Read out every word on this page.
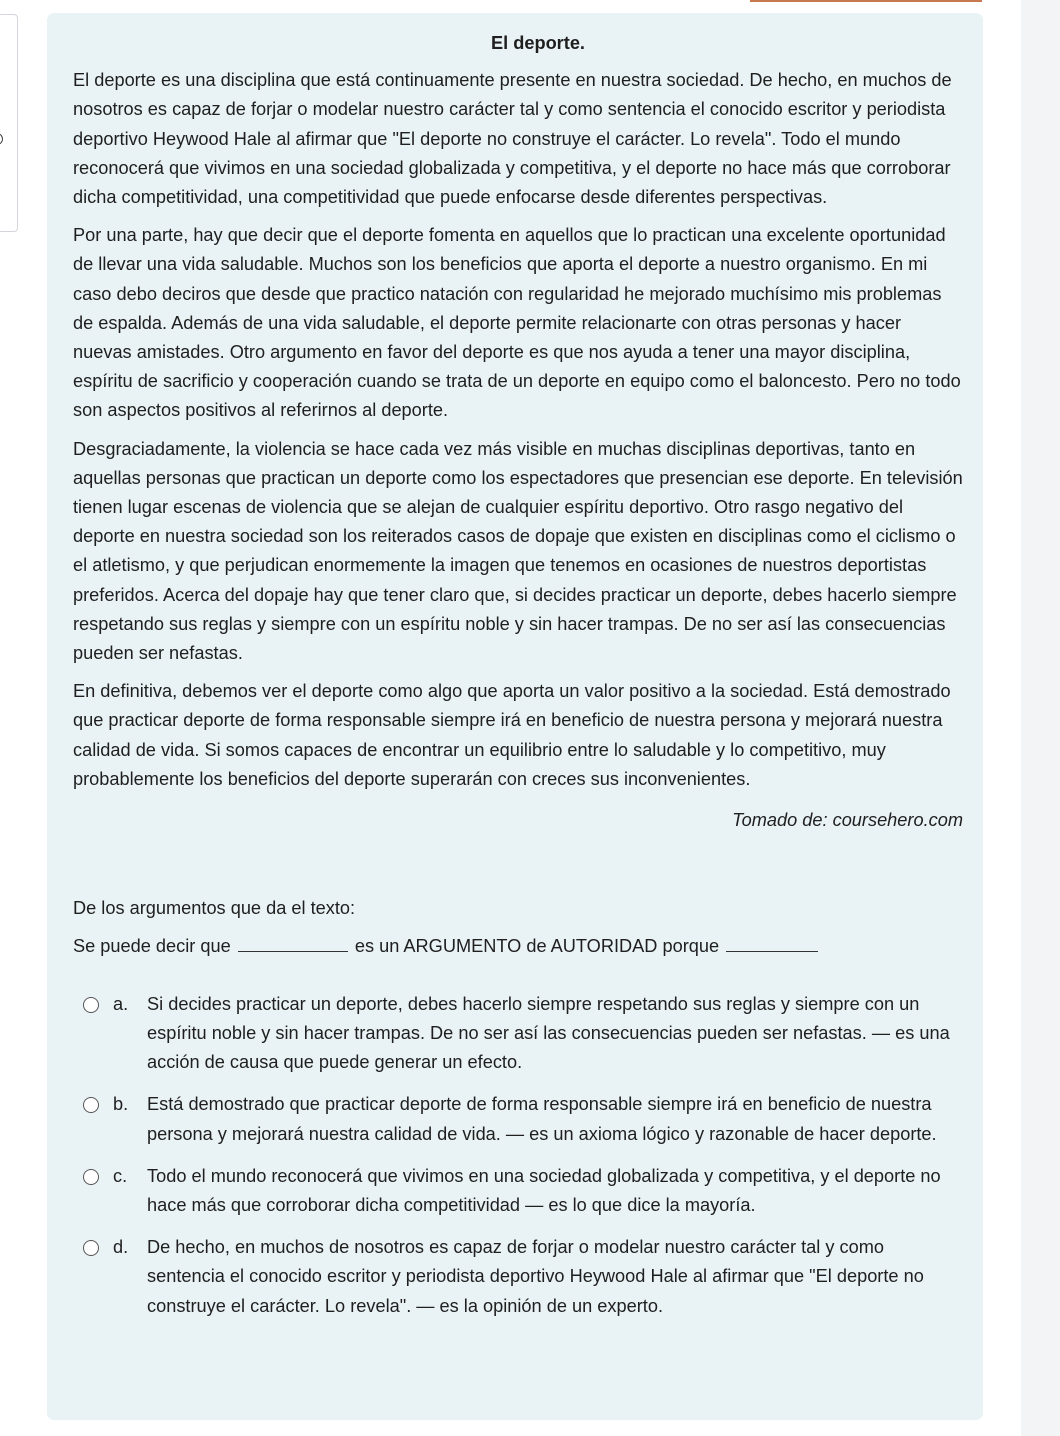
El deporte.

El deporte es una disciplina que está continuamente presente en nuestra sociedad. De hecho, en muchos de nosotros es capaz de forjar o modelar nuestro carácter tal y como sentencia el conocido escritor y periodista deportivo Heywood Hale al afirmar que "El deporte no construye el carácter. Lo revela". Todo el mundo reconocerá que vivimos en una sociedad globalizada y competitiva, y el deporte no hace más que corroborar dicha competitividad, una competitividad que puede enfocarse desde diferentes perspectivas.

Por una parte, hay que decir que el deporte fomenta en aquellos que lo practican una excelente oportunidad de llevar una vida saludable. Muchos son los beneficios que aporta el deporte a nuestro organismo. En mi caso debo deciros que desde que practico natación con regularidad he mejorado muchísimo mis problemas de espalda. Además de una vida saludable, el deporte permite relacionarte con otras personas y hacer nuevas amistades. Otro argumento en favor del deporte es que nos ayuda a tener una mayor disciplina, espíritu de sacrificio y cooperación cuando se trata de un deporte en equipo como el baloncesto. Pero no todo son aspectos positivos al referirnos al deporte.

Desgraciadamente, la violencia se hace cada vez más visible en muchas disciplinas deportivas, tanto en aquellas personas que practican un deporte como los espectadores que presencian ese deporte. En televisión tienen lugar escenas de violencia que se alejan de cualquier espíritu deportivo. Otro rasgo negativo del deporte en nuestra sociedad son los reiterados casos de dopaje que existen en disciplinas como el ciclismo o el atletismo, y que perjudican enormemente la imagen que tenemos en ocasiones de nuestros deportistas preferidos. Acerca del dopaje hay que tener claro que, si decides practicar un deporte, debes hacerlo siempre respetando sus reglas y siempre con un espíritu noble y sin hacer trampas. De no ser así las consecuencias pueden ser nefastas.

En definitiva, debemos ver el deporte como algo que aporta un valor positivo a la sociedad. Está demostrado que practicar deporte de forma responsable siempre irá en beneficio de nuestra persona y mejorará nuestra calidad de vida. Si somos capaces de encontrar un equilibrio entre lo saludable y lo competitivo, muy probablemente los beneficios del deporte superarán con creces sus inconvenientes.

Tomado de: coursehero.com
De los argumentos que da el texto:
Se puede decir que	es un ARGUMENTO de AUTORIDAD porque
a.	Si decides practicar un deporte, debes hacerlo siempre respetando sus reglas y siempre con un espíritu noble y sin hacer trampas. De no ser así las consecuencias pueden ser nefastas. — es una acción de causa que puede generar un efecto.
b.	Está demostrado que practicar deporte de forma responsable siempre irá en beneficio de nuestra persona y mejorará nuestra calidad de vida. — es un axioma lógico y razonable de hacer deporte.
c.	Todo el mundo reconocerá que vivimos en una sociedad globalizada y competitiva, y el deporte no hace más que corroborar dicha competitividad — es lo que dice la mayoría.
d.	De hecho, en muchos de nosotros es capaz de forjar o modelar nuestro carácter tal y como sentencia el conocido escritor y periodista deportivo Heywood Hale al afirmar que "El deporte no construye el carácter. Lo revela". — es la opinión de un experto.
